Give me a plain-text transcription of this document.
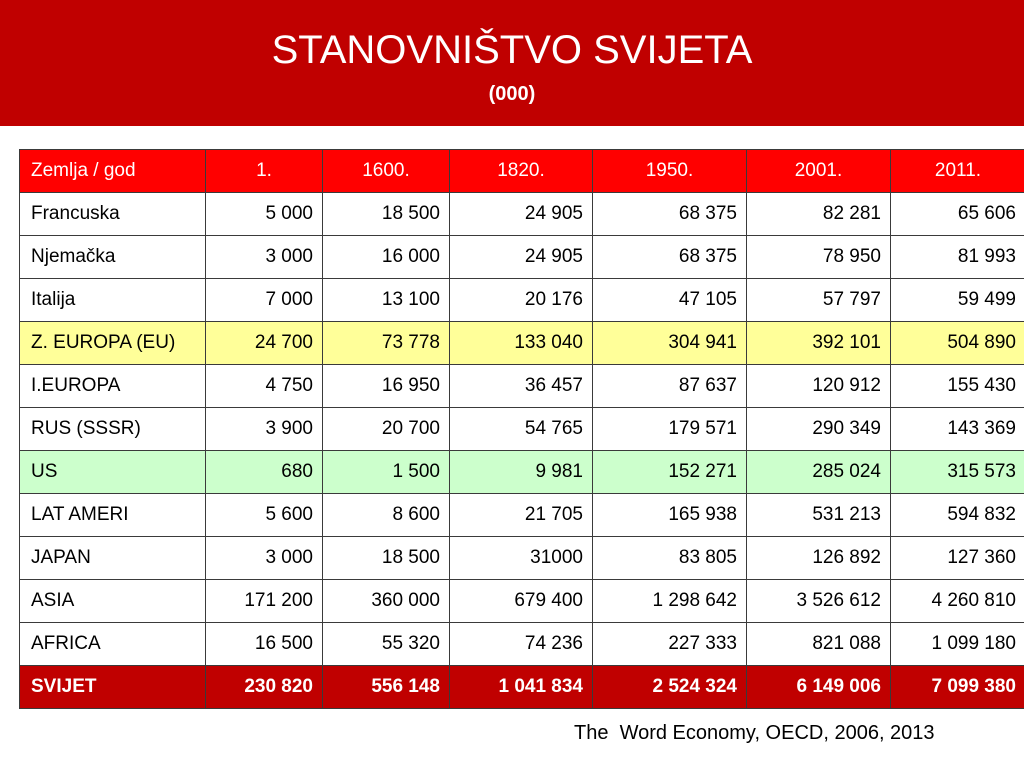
STANOVNIŠTVO SVIJETA
(000)
Zemlja / god	1.	1600.	1820.	1950.	2001.	2011.
Francuska	5 000	18 500	24 905	68 375	82 281	65 606
Njemačka	3 000	16 000	24 905	68 375	78 950	81 993
Italija	7 000	13 100	20 176	47 105	57 797	59 499
Z. EUROPA (EU)	24 700	73 778	133 040	304 941	392 101	504 890
I.EUROPA	4 750	16 950	36 457	87 637	120 912	155 430
RUS (SSSR)	3 900	20 700	54 765	179 571	290 349	143 369
US	680	1 500	9 981	152 271	285 024	315 573
LAT AMERI	5 600	8 600	21 705	165 938	531 213	594 832
JAPAN	3 000	18 500	31000	83 805	126 892	127 360
ASIA	171 200	360 000	679 400	1 298 642	3 526 612	4 260 810
AFRICA	16 500	55 320	74 236	227 333	821 088	1 099 180
SVIJET	230 820	556 148	1 041 834	2 524 324	6 149 006	7 099 380
The  Word Economy, OECD, 2006, 2013
